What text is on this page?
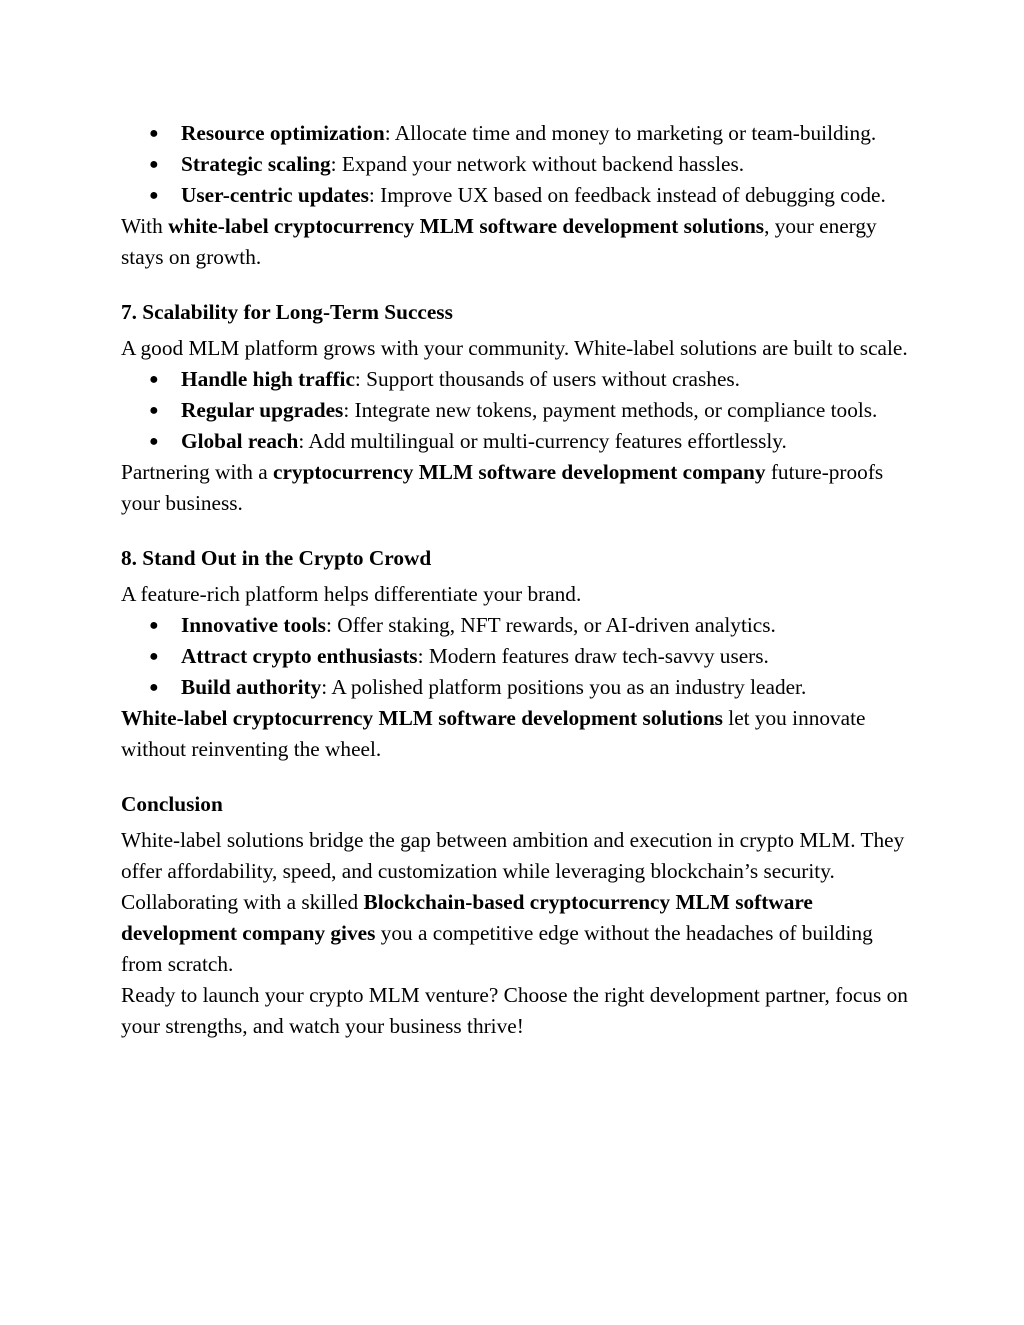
● Resource optimization: Allocate time and money to marketing or team-building.
● Strategic scaling: Expand your network without backend hassles.
● User-centric updates: Improve UX based on feedback instead of debugging code.

With white-label cryptocurrency MLM software development solutions, your energy stays on growth.

7. Scalability for Long-Term Success

A good MLM platform grows with your community. White-label solutions are built to scale.

● Handle high traffic: Support thousands of users without crashes.
● Regular upgrades: Integrate new tokens, payment methods, or compliance tools.
● Global reach: Add multilingual or multi-currency features effortlessly.

Partnering with a cryptocurrency MLM software development company future-proofs your business.

8. Stand Out in the Crypto Crowd

A feature-rich platform helps differentiate your brand.

● Innovative tools: Offer staking, NFT rewards, or AI-driven analytics.
● Attract crypto enthusiasts: Modern features draw tech-savvy users.
● Build authority: A polished platform positions you as an industry leader.

White-label cryptocurrency MLM software development solutions let you innovate without reinventing the wheel.

Conclusion

White-label solutions bridge the gap between ambition and execution in crypto MLM. They offer affordability, speed, and customization while leveraging blockchain’s security. Collaborating with a skilled Blockchain-based cryptocurrency MLM software development company gives you a competitive edge without the headaches of building from scratch.

Ready to launch your crypto MLM venture? Choose the right development partner, focus on your strengths, and watch your business thrive!
